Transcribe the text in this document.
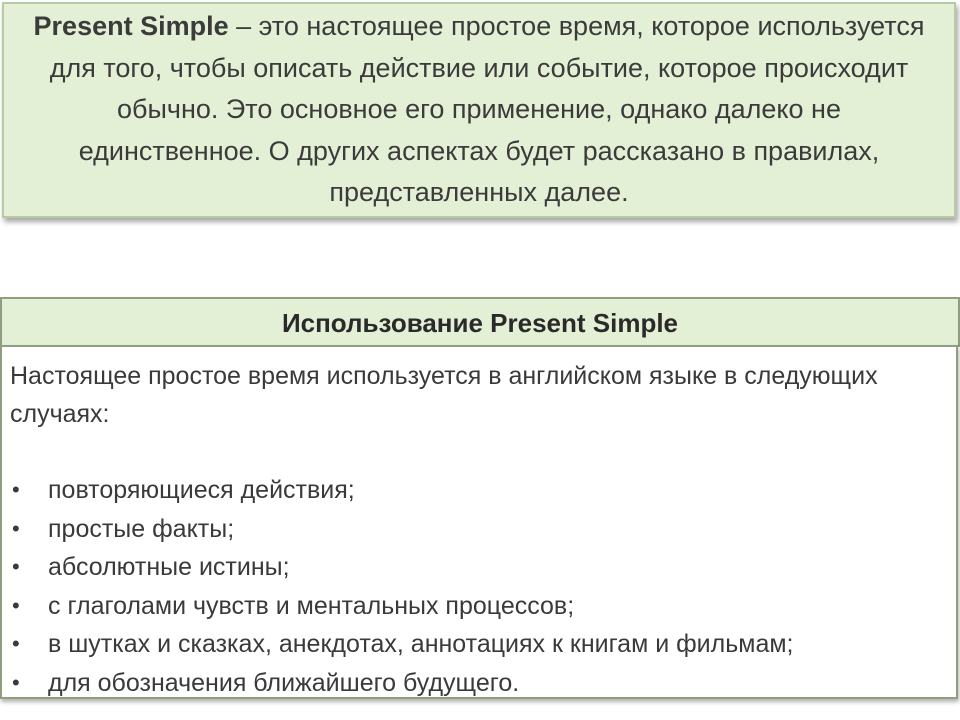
Present Simple – это настоящее простое время, которое используется для того, чтобы описать действие или событие, которое происходит обычно. Это основное его применение, однако далеко не единственное. О других аспектах будет рассказано в правилах, представленных далее.

Использование Present Simple

Настоящее простое время используется в английском языке в следующих случаях:

• повторяющиеся действия;
• простые факты;
• абсолютные истины;
• с глаголами чувств и ментальных процессов;
• в шутках и сказках, анекдотах, аннотациях к книгам и фильмам;
• для обозначения ближайшего будущего.
